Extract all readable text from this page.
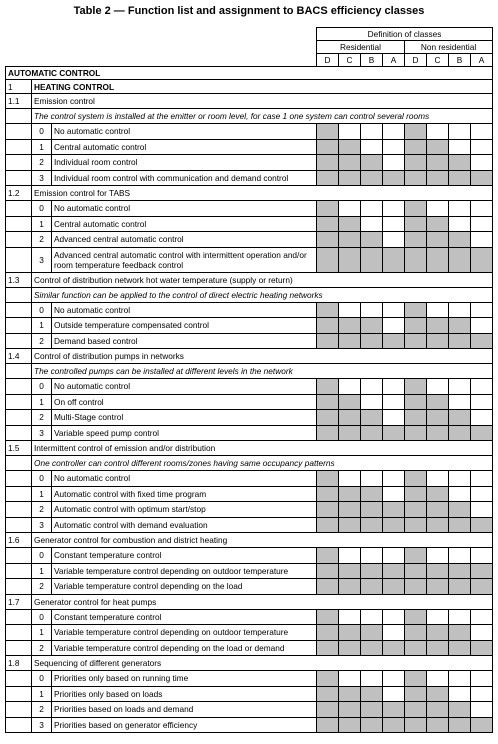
Table 2 — Function list and assignment to BACS efficiency classes
			Definition of classes							
			Residential				Non residential			
			D	C	B	A	D	C	B	A
AUTOMATIC CONTROL										
1	HEATING CONTROL									
1.1	Emission control									
	The control system is installed at the emitter or room level, for case 1 one system can control several rooms									
	0	No automatic control								
	1	Central automatic control								
	2	Individual room control								
	3	Individual room control with communication and demand control								
1.2	Emission control for TABS									
	0	No automatic control								
	1	Central automatic control								
	2	Advanced central automatic control								
	3	Advanced central automatic control with intermittent operation and/or room temperature feedback control								
1.3	Control of distribution network hot water temperature (supply or return)									
	Similar function can be applied to the control of direct electric heating networks									
	0	No automatic control								
	1	Outside temperature compensated control								
	2	Demand based control								
1.4	Control of distribution pumps in networks									
	The controlled pumps can be installed at different levels in the network									
	0	No automatic control								
	1	On off control								
	2	Multi-Stage control								
	3	Variable speed pump control								
1.5	Intermittent control of emission and/or distribution									
	One controller can control different rooms/zones having same occupancy patterns									
	0	No automatic control								
	1	Automatic control with fixed time program								
	2	Automatic control with optimum start/stop								
	3	Automatic control with demand evaluation								
1.6	Generator control for combustion and district heating									
	0	Constant temperature control								
	1	Variable temperature control depending on outdoor temperature								
	2	Variable temperature control depending on the load								
1.7	Generator control for heat pumps									
	0	Constant temperature control								
	1	Variable temperature control depending on outdoor temperature								
	2	Variable temperature control depending on the load or demand								
1.8	Sequencing of different generators									
	0	Priorities only based on running time								
	1	Priorities only based on loads								
	2	Priorities based on loads and demand								
	3	Priorities based on generator efficiency								
